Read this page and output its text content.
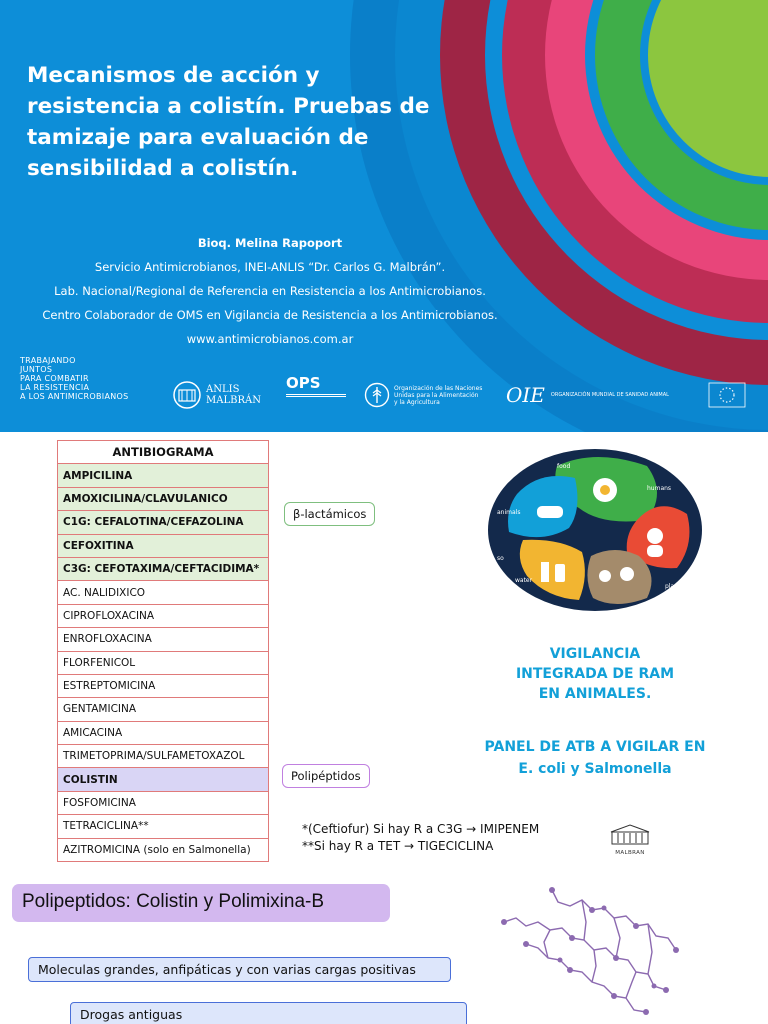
Mecanismos de acción y resistencia a colistín. Pruebas de tamizaje para evaluación de sensibilidad a colistín.
Bioq. Melina Rapoport
Servicio Antimicrobianos, INEI-ANLIS “Dr. Carlos G. Malbrán”.
Lab. Nacional/Regional de Referencia en Resistencia a los Antimicrobianos.
Centro Colaborador de OMS en Vigilancia de Resistencia a los Antimicrobianos.
www.antimicrobianos.com.ar
TRABAJANDO
JUNTOS
PARA COMBATIR
LA RESISTENCIA
A LOS ANTIMICROBIANOS
ANLIS
MALBRÁN
OPS	Organización de las Naciones
Unidas para la Alimentación
y la Agricultura	OIE ORGANIZACIÓN MUNDIAL DE SANIDAD ANIMAL
ANTIBIOGRAMA
AMPICILINA
AMOXICILINA/CLAVULANICO
C1G: CEFALOTINA/CEFAZOLINA
CEFOXITINA
C3G: CEFOTAXIMA/CEFTACIDIMA*
AC. NALIDIXICO
CIPROFLOXACINA
ENROFLOXACINA
FLORFENICOL
ESTREPTOMICINA
GENTAMICINA
AMICACINA
TRIMETOPRIMA/SULFAMETOXAZOL
COLISTIN
FOSFOMICINA
TETRACICLINA**
AZITROMICINA (solo en Salmonella)
β-lactámicos
Polipéptidos
food
humans
animals
so
water
plants
VIGILANCIA
INTEGRADA DE RAM
EN ANIMALES.
PANEL DE ATB A VIGILAR EN
E. coli y Salmonella
*(Ceftiofur) Si hay R a C3G → IMIPENEM
**Si hay R a TET → TIGECICLINA	MALBRAN
Polipeptidos: Colistin y Polimixina-B
Moleculas grandes, anfipáticas y con varias cargas positivas
Drogas antiguas
